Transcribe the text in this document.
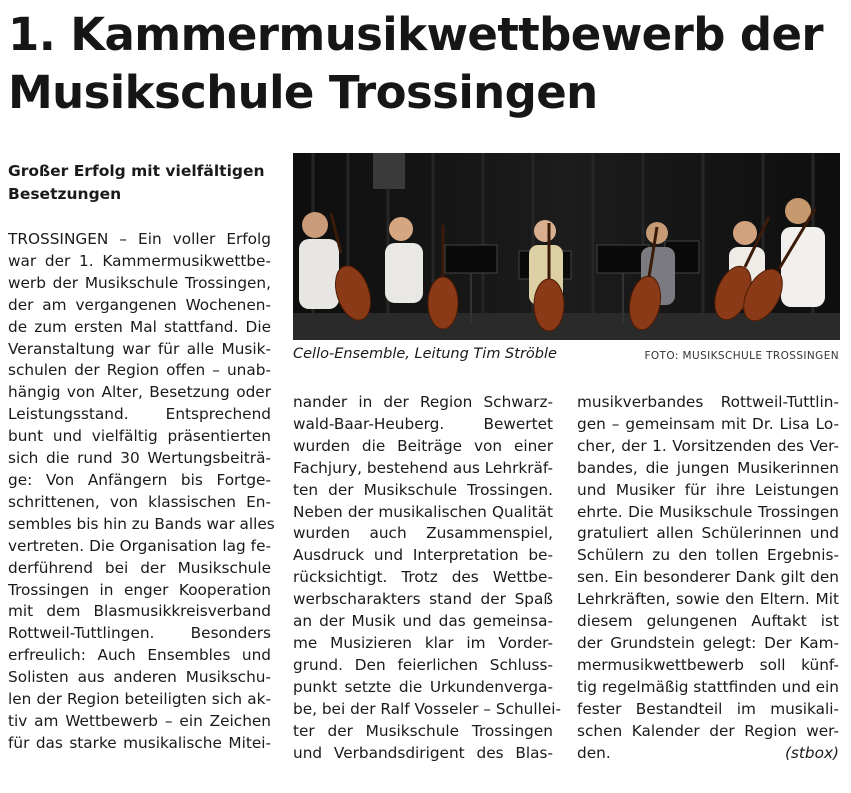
1. Kammermusikwettbewerb der Musikschule Trossingen
Großer Erfolg mit vielfältigen Besetzungen
TROSSINGEN – Ein voller Erfolg
war der 1. Kammermusikwettbe-
werb der Musikschule Trossingen,
der am vergangenen Wochenen-
de zum ersten Mal stattfand. Die
Veranstaltung war für alle Musik-
schulen der Region offen – unab-
hängig von Alter, Besetzung oder
Leistungsstand. Entsprechend
bunt und vielfältig präsentierten
sich die rund 30 Wertungsbeiträ-
ge: Von Anfängern bis Fortge-
schrittenen, von klassischen En-
sembles bis hin zu Bands war alles
vertreten. Die Organisation lag fe-
derführend bei der Musikschule
Trossingen in enger Kooperation
mit dem Blasmusikkreisverband
Rottweil-Tuttlingen. Besonders
erfreulich: Auch Ensembles und
Solisten aus anderen Musikschu-
len der Region beteiligten sich ak-
tiv am Wettbewerb – ein Zeichen
für das starke musikalische Mitei-

Cello-Ensemble, Leitung Tim Ströble	FOTO: MUSIKSCHULE TROSSINGEN

nander in der Region Schwarz-
wald-Baar-Heuberg. Bewertet
wurden die Beiträge von einer
Fachjury, bestehend aus Lehrkräf-
ten der Musikschule Trossingen.
Neben der musikalischen Qualität
wurden auch Zusammenspiel,
Ausdruck und Interpretation be-
rücksichtigt. Trotz des Wettbe-
werbscharakters stand der Spaß
an der Musik und das gemeinsa-
me Musizieren klar im Vorder-
grund. Den feierlichen Schluss-
punkt setzte die Urkundenverga-
be, bei der Ralf Vosseler – Schullei-
ter der Musikschule Trossingen
und Verbandsdirigent des Blas-
musikverbandes Rottweil-Tuttlin-
gen – gemeinsam mit Dr. Lisa Lo-
cher, der 1. Vorsitzenden des Ver-
bandes, die jungen Musikerinnen
und Musiker für ihre Leistungen
ehrte. Die Musikschule Trossingen
gratuliert allen Schülerinnen und
Schülern zu den tollen Ergebnis-
sen. Ein besonderer Dank gilt den
Lehrkräften, sowie den Eltern. Mit
diesem gelungenen Auftakt ist
der Grundstein gelegt: Der Kam-
mermusikwettbewerb soll künf-
tig regelmäßig stattfinden und ein
fester Bestandteil im musikali-
schen Kalender der Region wer-
den.	(stbox)
